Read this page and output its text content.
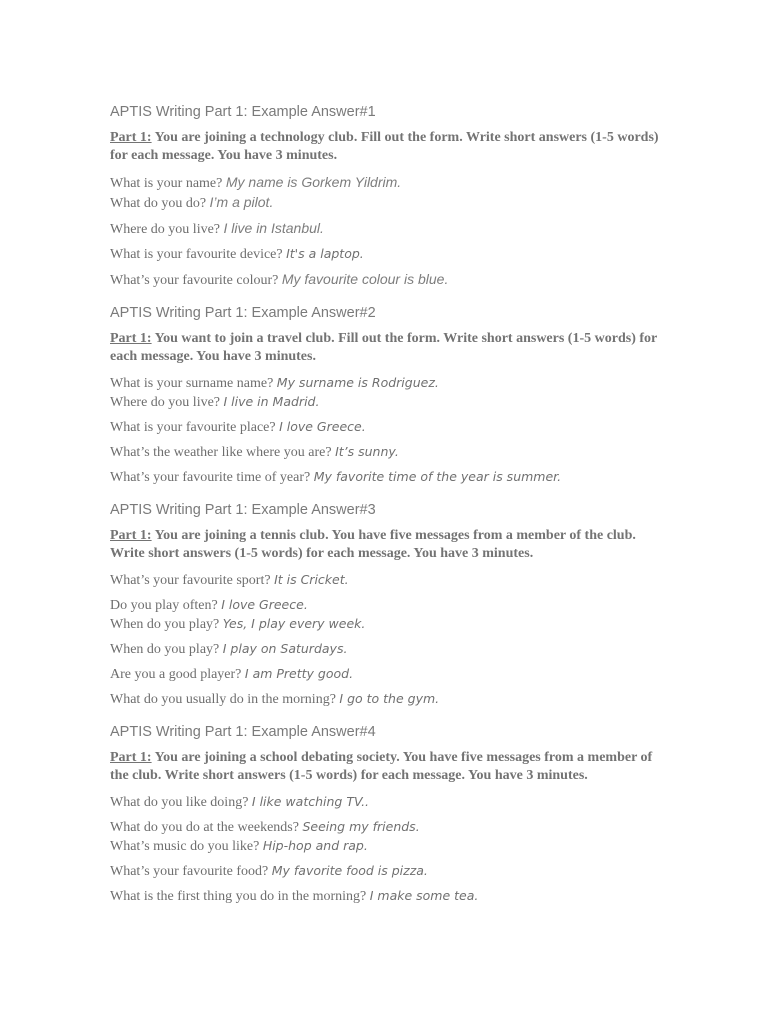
APTIS Writing Part 1: Example Answer#1
Part 1: You are joining a technology club. Fill out the form. Write short answers (1-5 words) for each message. You have 3 minutes.
What is your name? My name is Gorkem Yildrim.
What do you do? I’m a pilot.
Where do you live? I live in Istanbul.
What is your favourite device? It's a laptop.
What’s your favourite colour? My favourite colour is blue.
APTIS Writing Part 1: Example Answer#2
Part 1: You want to join a travel club. Fill out the form. Write short answers (1-5 words) for each message. You have 3 minutes.
What is your surname name? My surname is Rodriguez.
Where do you live? I live in Madrid.
What is your favourite place? I love Greece.
What’s the weather like where you are? It’s sunny.
What’s your favourite time of year? My favorite time of the year is summer.
APTIS Writing Part 1: Example Answer#3
Part 1: You are joining a tennis club. You have five messages from a member of the club. Write short answers (1-5 words) for each message. You have 3 minutes.
What’s your favourite sport? It is Cricket.
Do you play often? I love Greece.
When do you play? Yes, I play every week.
When do you play? I play on Saturdays.
Are you a good player? I am Pretty good.
What do you usually do in the morning? I go to the gym.
APTIS Writing Part 1: Example Answer#4
Part 1: You are joining a school debating society. You have five messages from a member of the club. Write short answers (1-5 words) for each message. You have 3 minutes.
What do you like doing? I like watching TV..
What do you do at the weekends? Seeing my friends.
What’s music do you like? Hip-hop and rap.
What’s your favourite food? My favorite food is pizza.
What is the first thing you do in the morning? I make some tea.
